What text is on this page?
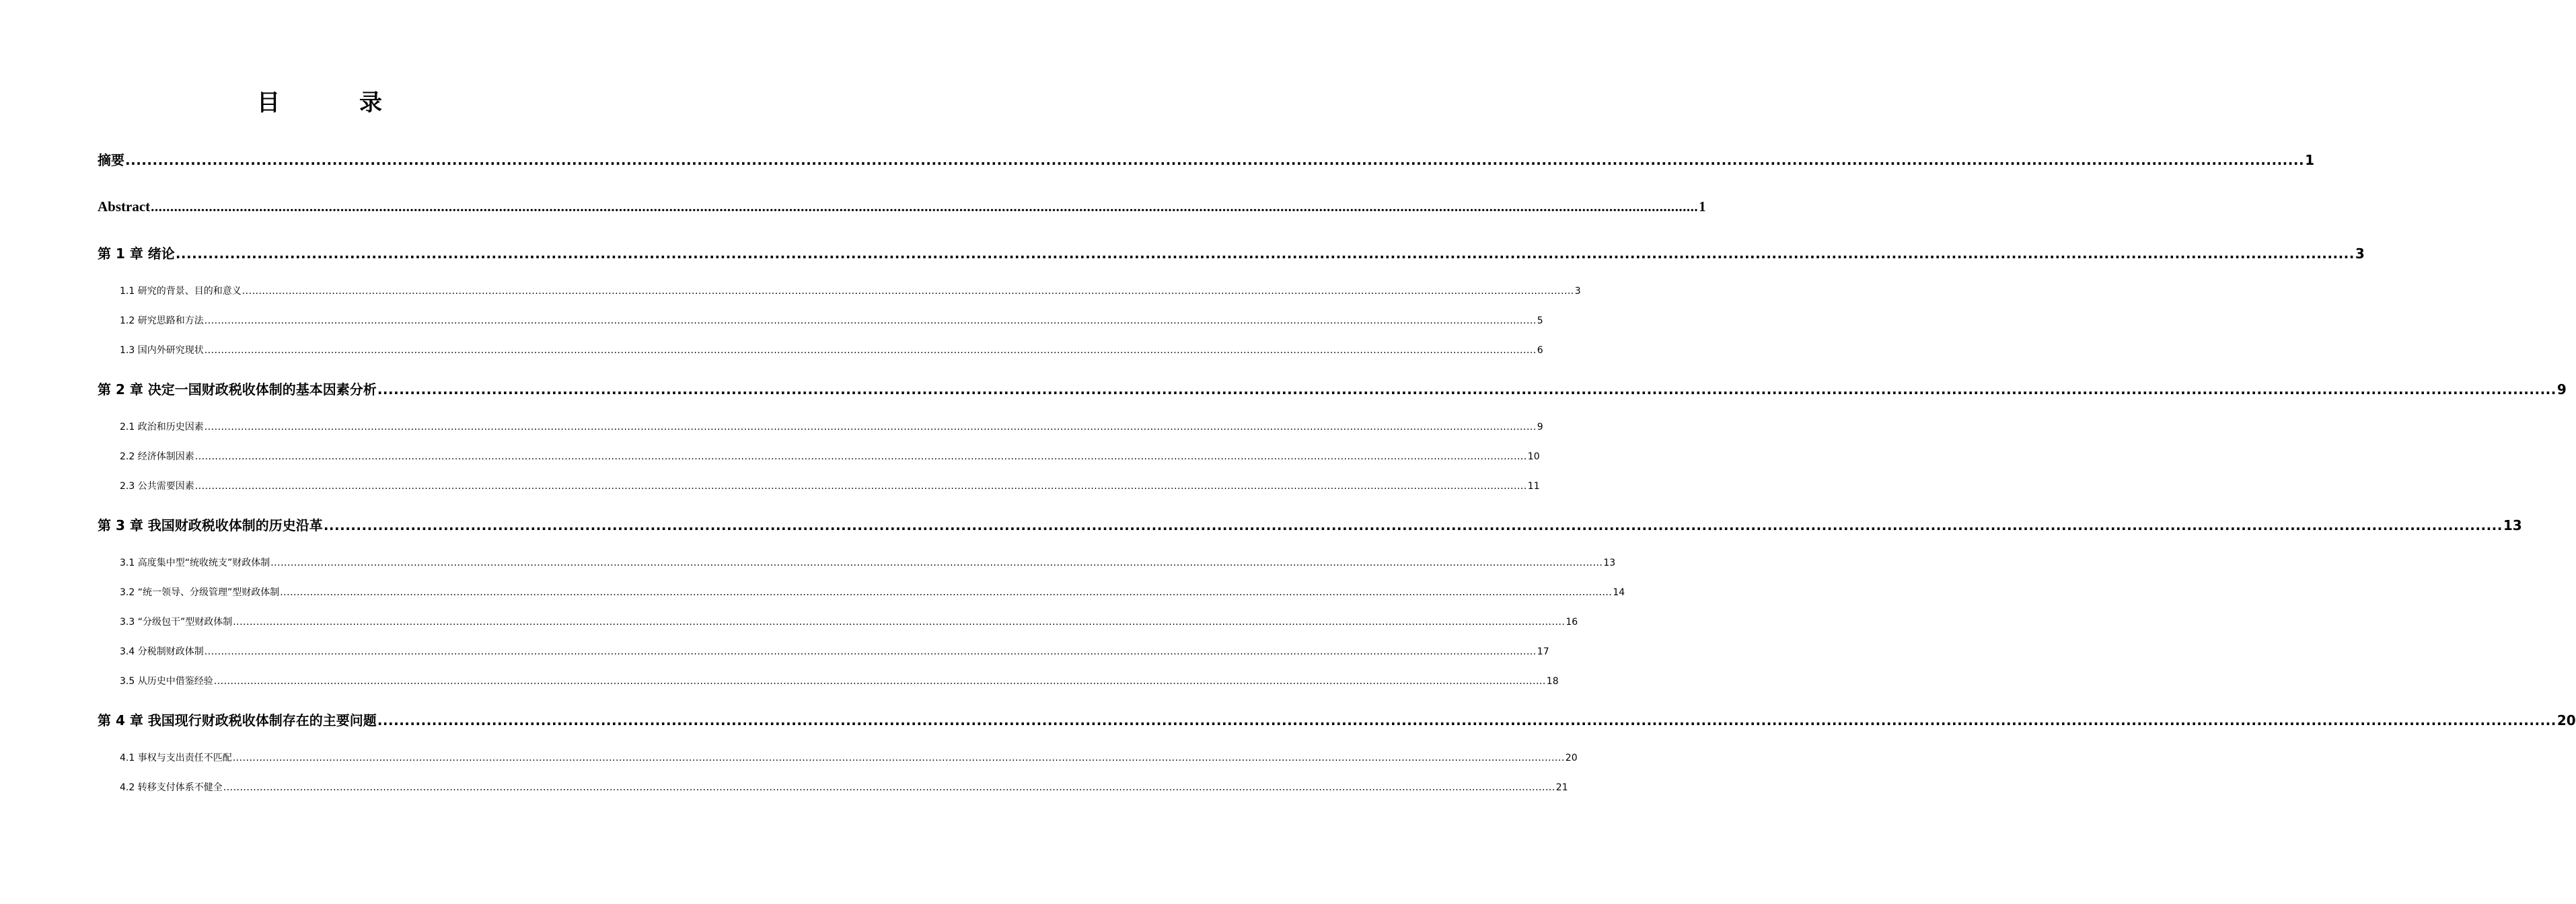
目　录
摘要 ................................................................................................................................................................................................................................................................................................................................................................................................................ 1
Abstract ................................................................................................................................................................................................................................................................................................................................................................................................................ 1
第 1 章 绪论 ................................................................................................................................................................................................................................................................................................................................................................................................................ 3
1.1 研究的背景、目的和意义 ................................................................................................................................................................................................................................................................................................................................................................................................................ 3
1.2 研究思路和方法 ................................................................................................................................................................................................................................................................................................................................................................................................................ 5
1.3 国内外研究现状 ................................................................................................................................................................................................................................................................................................................................................................................................................ 6
第 2 章 决定一国财政税收体制的基本因素分析 ................................................................................................................................................................................................................................................................................................................................................................................................................ 9
2.1 政治和历史因素 ................................................................................................................................................................................................................................................................................................................................................................................................................ 9
2.2 经济体制因素 ................................................................................................................................................................................................................................................................................................................................................................................................................ 10
2.3 公共需要因素 ................................................................................................................................................................................................................................................................................................................................................................................................................ 11
第 3 章 我国财政税收体制的历史沿革 ................................................................................................................................................................................................................................................................................................................................................................................................................ 13
3.1 高度集中型“统收统支”财政体制 ................................................................................................................................................................................................................................................................................................................................................................................................................ 13
3.2 “统一领导、分级管理”型财政体制 ................................................................................................................................................................................................................................................................................................................................................................................................................ 14
3.3 “分级包干”型财政体制 ................................................................................................................................................................................................................................................................................................................................................................................................................ 16
3.4 分税制财政体制 ................................................................................................................................................................................................................................................................................................................................................................................................................ 17
3.5 从历史中借鉴经验 ................................................................................................................................................................................................................................................................................................................................................................................................................ 18
第 4 章 我国现行财政税收体制存在的主要问题 ................................................................................................................................................................................................................................................................................................................................................................................................................ 20
4.1 事权与支出责任不匹配 ................................................................................................................................................................................................................................................................................................................................................................................................................ 20
4.2 转移支付体系不健全 ................................................................................................................................................................................................................................................................................................................................................................................................................ 21
